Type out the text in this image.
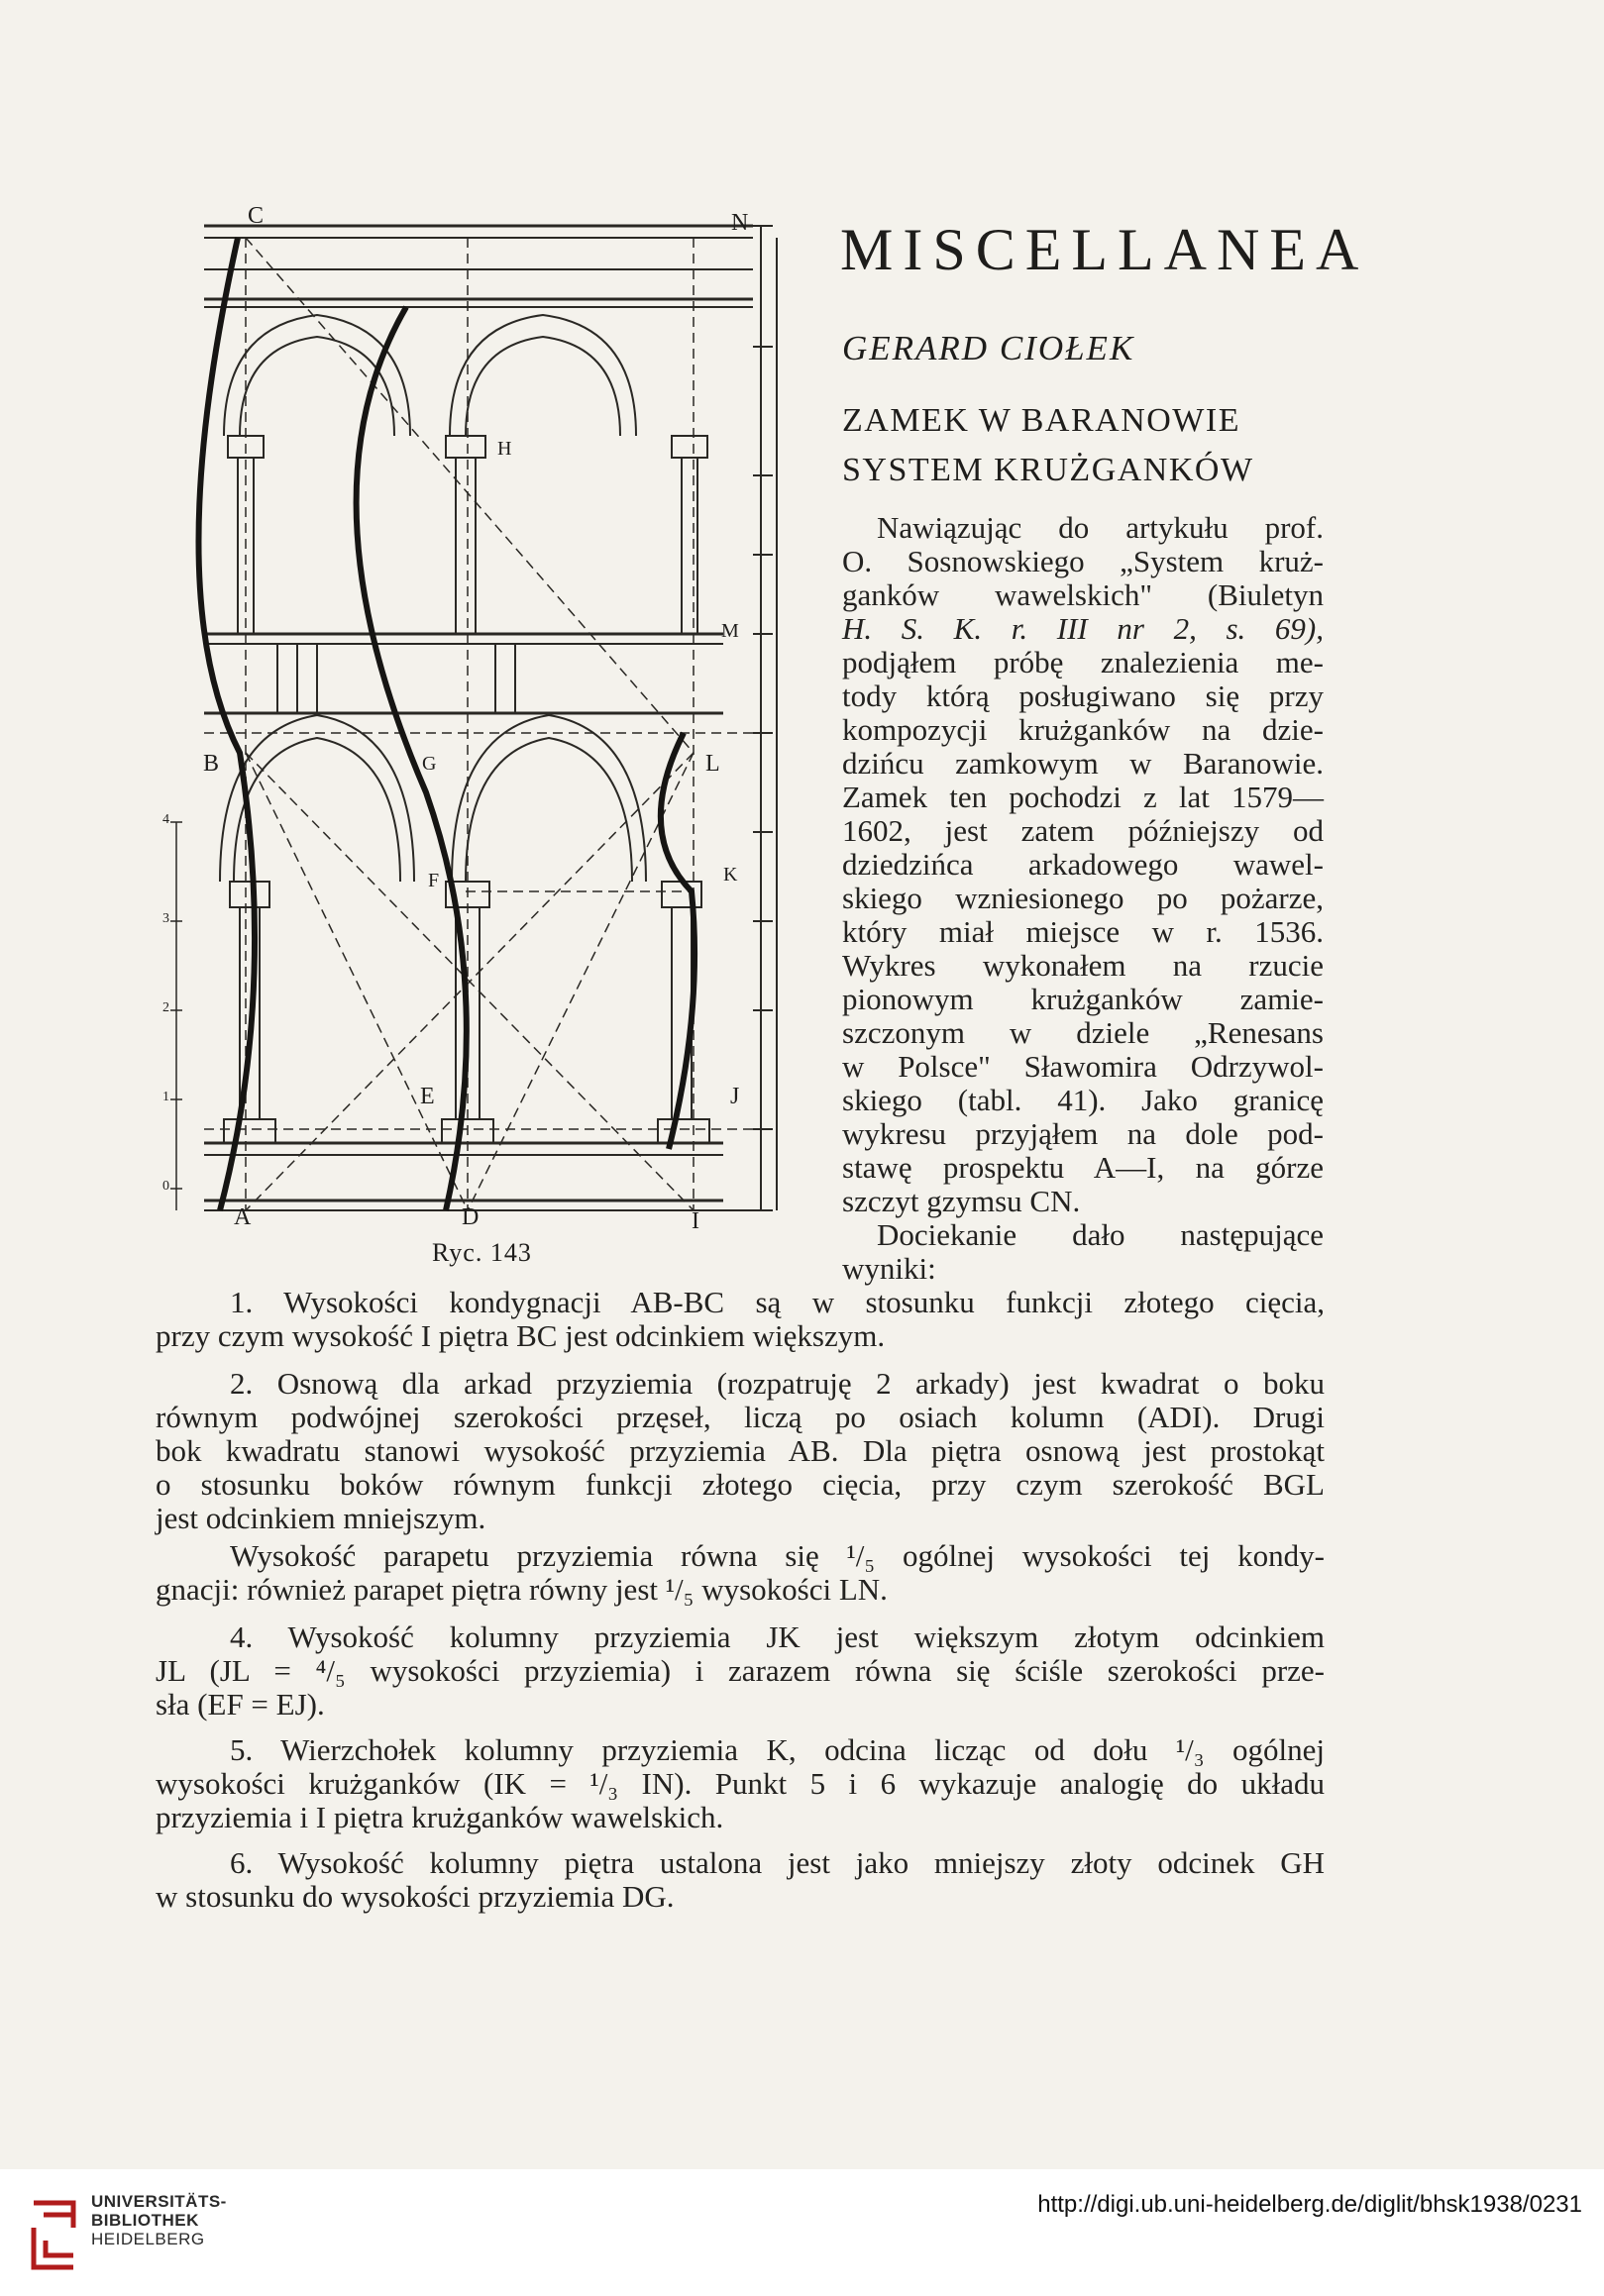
C	N
H
M
B	G	L
F	K
E	J
A	D	I
4
3
2
1
0
Ryc. 143
MISCELLANEA
GERARD CIOŁEK
ZAMEK W BARANOWIE
SYSTEM KRUŻGANKÓW
Nawiązując do artykułu prof.
O. Sosnowskiego „System kruż-
ganków wawelskich" (Biuletyn
H. S. K. r. III nr 2, s. 69),
podjąłem próbę znalezienia me-
tody którą posługiwano się przy
kompozycji krużganków na dzie-
dzińcu zamkowym w Baranowie.
Zamek ten pochodzi z lat 1579—
1602, jest zatem późniejszy od
dziedzińca arkadowego wawel-
skiego wzniesionego po pożarze,
który miał miejsce w r. 1536.
Wykres wykonałem na rzucie
pionowym krużganków zamie-
szczonym w dziele „Renesans
w Polsce" Sławomira Odrzywol-
skiego (tabl. 41). Jako granicę
wykresu przyjąłem na dole pod-
stawę prospektu A—I, na górze
szczyt gzymsu CN.
Dociekanie dało następujące
wyniki:
1. Wysokości kondygnacji AB-BC są w stosunku funkcji złotego cięcia,
przy czym wysokość I piętra BC jest odcinkiem większym.
2. Osnową dla arkad przyziemia (rozpatruję 2 arkady) jest kwadrat o boku
równym podwójnej szerokości przęseł, liczą po osiach kolumn (ADI). Drugi
bok kwadratu stanowi wysokość przyziemia AB. Dla piętra osnową jest prostokąt
o stosunku boków równym funkcji złotego cięcia, przy czym szerokość BGL
jest odcinkiem mniejszym.
Wysokość parapetu przyziemia równa się ¹/₅ ogólnej wysokości tej kondy-
gnacji: również parapet piętra równy jest ¹/₅ wysokości LN.
4. Wysokość kolumny przyziemia JK jest większym złotym odcinkiem
JL (JL = ⁴/₅ wysokości przyziemia) i zarazem równa się ściśle szerokości prze-
sła (EF = EJ).
5. Wierzchołek kolumny przyziemia K, odcina licząc od dołu ¹/₃ ogólnej
wysokości krużganków (IK = ¹/₃ IN). Punkt 5 i 6 wykazuje analogię do układu
przyziemia i I piętra krużganków wawelskich.
6. Wysokość kolumny piętra ustalona jest jako mniejszy złoty odcinek GH
w stosunku do wysokości przyziemia DG.
UNIVERSITÄTS-
BIBLIOTHEK
HEIDELBERG
http://digi.ub.uni-heidelberg.de/diglit/bhsk1938/0231
